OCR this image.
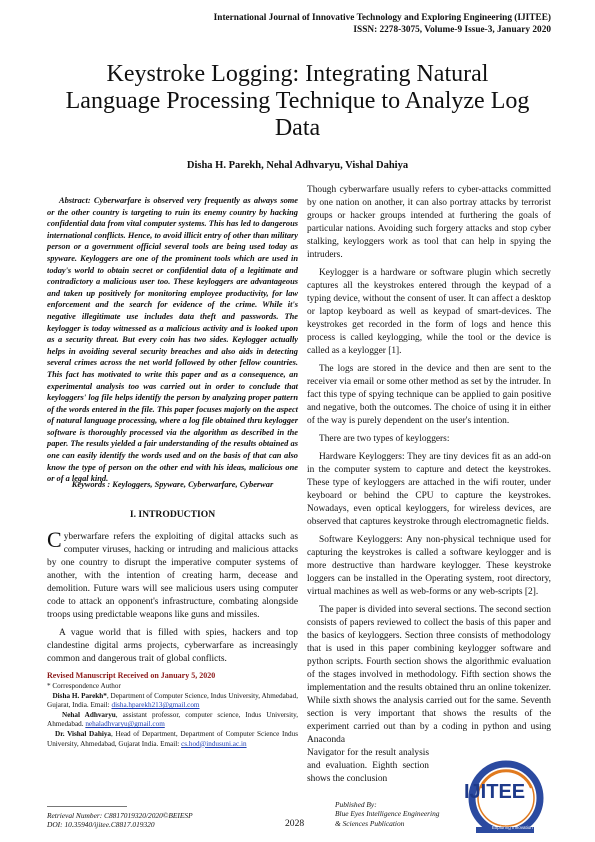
International Journal of Innovative Technology and Exploring Engineering (IJITEE)
ISSN: 2278-3075, Volume-9 Issue-3, January 2020
Keystroke Logging: Integrating Natural Language Processing Technique to Analyze Log Data
Disha H. Parekh, Nehal Adhvaryu, Vishal Dahiya
Abstract: Cyberwarfare is observed very frequently as always some or the other country is targeting to ruin its enemy country by hacking confidential data from vital computer systems. This has led to dangerous international conflicts. Hence, to avoid illicit entry of other than military person or a government official several tools are being used today as spyware. Keyloggers are one of the prominent tools which are used in today's world to obtain secret or confidential data of a legitimate and contradictory a malicious user too. These keyloggers are advantageous and taken up positively for monitoring employee productivity, for law enforcement and the search for evidence of the crime. While it's negative illegitimate use includes data theft and passwords. The keylogger is today witnessed as a malicious activity and is looked upon as a security threat. But every coin has two sides. Keylogger actually helps in avoiding several security breaches and also aids in detecting several crimes across the net world followed by other fellow countries. This fact has motivated to write this paper and as a consequence, an experimental analysis too was carried out in order to conclude that keyloggers' log file helps identify the person by analyzing proper pattern of the words entered in the file. This paper focuses majorly on the aspect of natural language processing, where a log file obtained thru keylogger software is thoroughly processed via the algorithm as described in the paper. The results yielded a fair understanding of the results obtained as one can easily identify the words used and on the basis of that can also know the type of person on the other end with his ideas, malicious one or of a legal kind.
Keywords : Keyloggers, Spyware, Cyberwarfare, Cyberwar
I. INTRODUCTION

Cyberwarfare refers the exploiting of digital attacks such as computer viruses, hacking or intruding and malicious attacks by one country to disrupt the imperative computer systems of another, with the intention of creating harm, decease and demolition. Future wars will see malicious users using computer code to attack an opponent's infrastructure, combating alongside troops using predictable weapons like guns and missiles.

A vague world that is filled with spies, hackers and top clandestine digital arms projects, cyberwarfare as increasingly common and dangerous trait of global conflicts.

Revised Manuscript Received on January 5, 2020
* Correspondence Author
Disha H. Parekh*, Department of Computer Science, Indus University, Ahmedabad, Gujarat, India. Email: disha.hparekh213@gmail.com
Nehal Adhvaryu, assistant professor, computer science, Indus University, Ahmedabad. nehaladhvaryu@gmail.com
Dr. Vishal Dahiya, Head of Department, Department of Computer Science Indus University, Ahmedabad, Gujarat India. Email: cs.hod@indusuni.ac.in

Though cyberwarfare usually refers to cyber-attacks committed by one nation on another, it can also portray attacks by terrorist groups or hacker groups intended at furthering the goals of particular nations. Avoiding such forgery attacks and stop cyber stalking, keyloggers work as tool that can help in spying the intruders.

Keylogger is a hardware or software plugin which secretly captures all the keystrokes entered through the keypad of a typing device, without the consent of user. It can affect a desktop or laptop keyboard as well as keypad of smart-devices. The keystrokes get recorded in the form of logs and hence this process is called keylogging, while the tool or the device is called as a keylogger [1].

The logs are stored in the device and then are sent to the receiver via email or some other method as set by the intruder. In fact this type of spying technique can be applied to gain positive and negative, both the outcomes. The choice of using it in either of the way is purely dependent on the user's intention.

There are two types of keyloggers:

Hardware Keyloggers: They are tiny devices fit as an add-on in the computer system to capture and detect the keystrokes. These type of keyloggers are attached in the wifi router, under keyboard or behind the CPU to capture the keystrokes. Nowadays, even optical keyloggers, for wireless devices, are observed that captures keystroke through electromagnetic fields.

Software Keyloggers: Any non-physical technique used for capturing the keystrokes is called a software keylogger and is more destructive than hardware keylogger. These keystroke loggers can be installed in the Operating system, root directory, virtual machines as well as web-forms or any web-scripts [2].

The paper is divided into several sections. The second section consists of papers reviewed to collect the basis of this paper and the basics of keyloggers. Section three consists of methodology that is used in this paper combining keylogger software and python scripts. Fourth section shows the algorithmic evaluation of the stages involved in methodology. Fifth section shows the implementation and the results obtained thru an online tokenizer. While sixth shows the analysis carried out for the same. Seventh section is very important that shows the results of the experiment carried out than by a coding in python and using Anaconda

Navigator for the result analysis and evaluation. Eighth section shows the conclusion
Retrieval Number: C8817019320/2020©BEIESP
DOI: 10.35940/ijitee.C8817.019320	2028
Published By:
Blue Eyes Intelligence Engineering
& Sciences Publication
IJITEE
Exploring Innovation
